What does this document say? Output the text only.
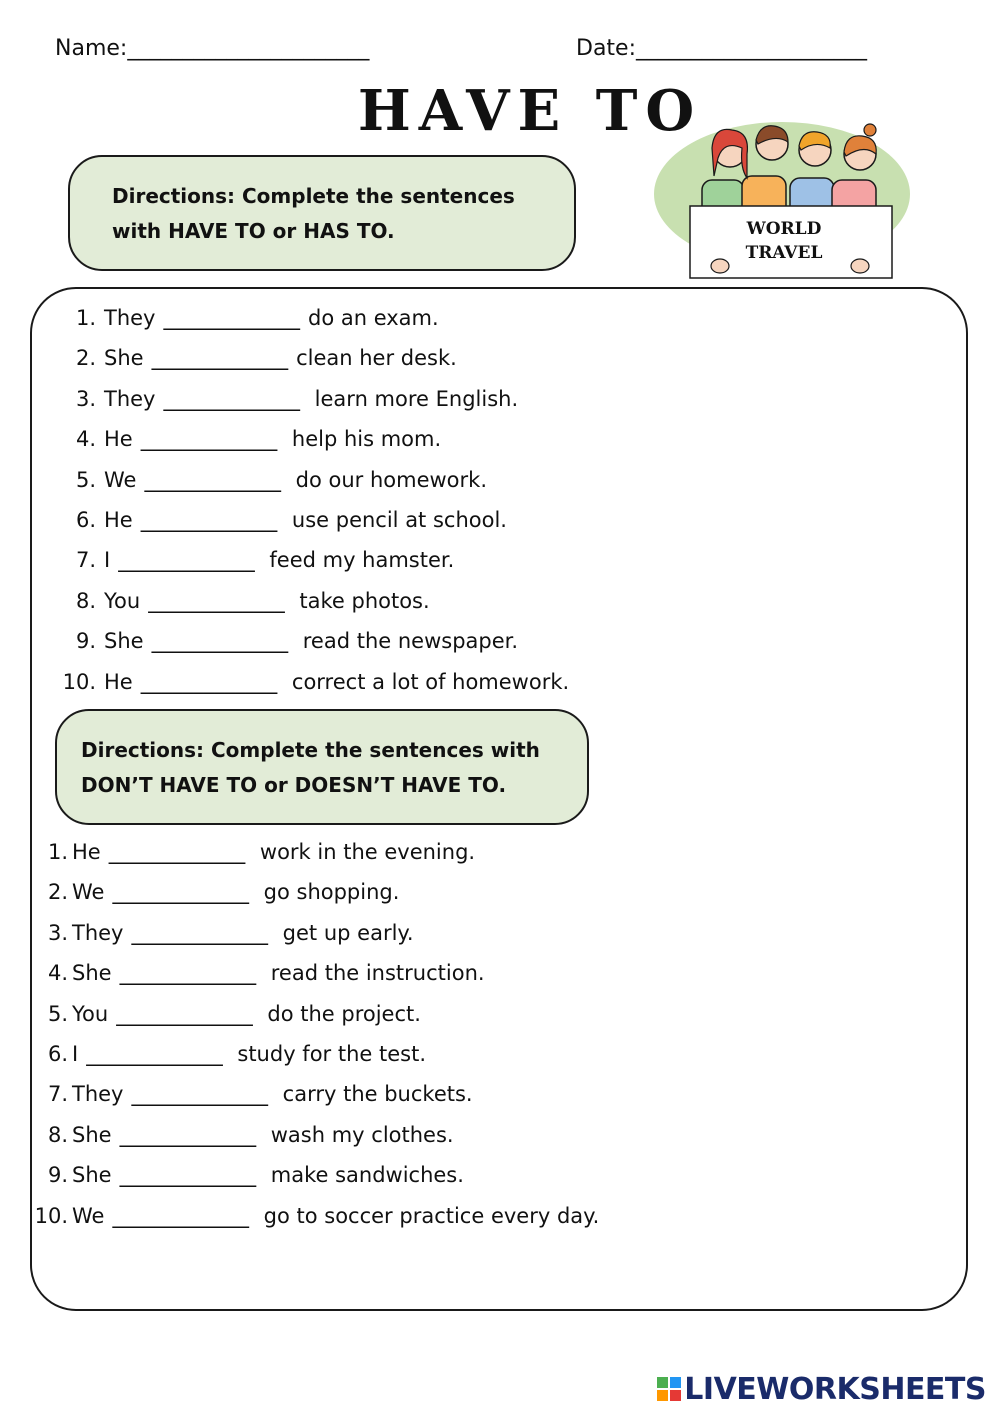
Name:______________________	Date:_____________________
HAVE TO
Directions: Complete the sentences
with HAVE TO or HAS TO.	WORLD
TRAVEL
1. They _____________ do an exam.
2. She _____________ clean her desk.
3. They _____________ learn more English.
4. He _____________ help his mom.
5. We _____________ do our homework.
6. He _____________ use pencil at school.
7. I _____________ feed my hamster.
8. You _____________ take photos.
9. She _____________ read the newspaper.
10. He _____________ correct a lot of homework.
Directions: Complete the sentences with
DON’T HAVE TO or DOESN’T HAVE TO.
1. He _____________ work in the evening.
2. We _____________ go shopping.
3. They _____________ get up early.
4. She _____________ read the instruction.
5. You _____________ do the project.
6. I _____________ study for the test.
7. They _____________ carry the buckets.
8. She _____________ wash my clothes.
9. She _____________ make sandwiches.
10. We _____________ go to soccer practice every day.
LIVEWORKSHEETS
